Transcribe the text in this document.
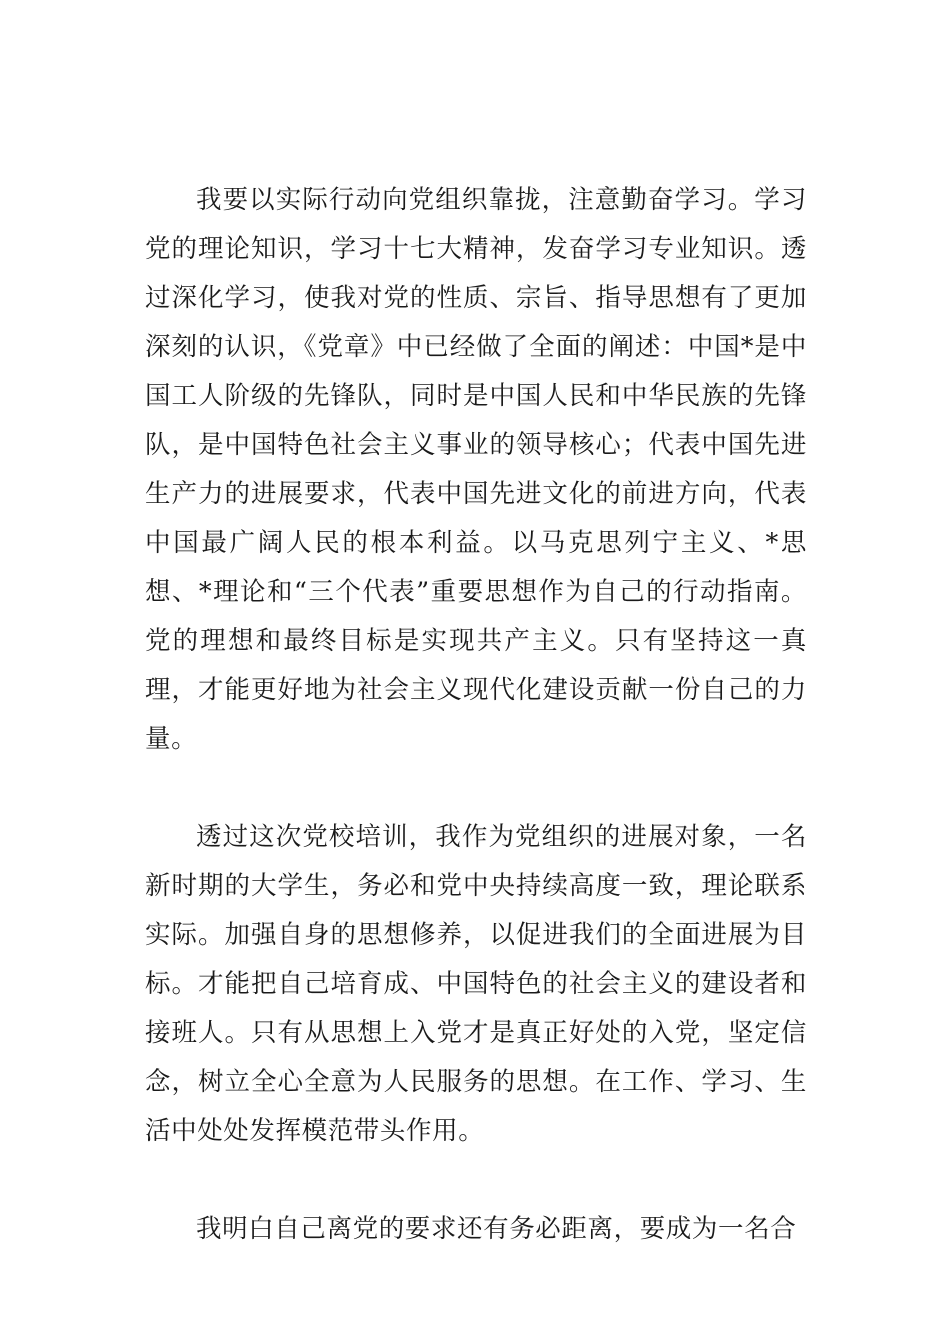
我要以实际行动向党组织靠拢，注意勤奋学习。学习党的理论知识，学习十七大精神，发奋学习专业知识。透过深化学习，使我对党的性质、宗旨、指导思想有了更加深刻的认识，《党章》中已经做了全面的阐述：中国*是中国工人阶级的先锋队，同时是中国人民和中华民族的先锋队，是中国特色社会主义事业的领导核心；代表中国先进生产力的进展要求，代表中国先进文化的前进方向，代表中国最广阔人民的根本利益。以马克思列宁主义、*思想、*理论和“三个代表”重要思想作为自己的行动指南。党的理想和最终目标是实现共产主义。只有坚持这一真理，才能更好地为社会主义现代化建设贡献一份自己的力量。

透过这次党校培训，我作为党组织的进展对象，一名新时期的大学生，务必和党中央持续高度一致，理论联系实际。加强自身的思想修养，以促进我们的全面进展为目标。才能把自己培育成、中国特色的社会主义的建设者和接班人。只有从思想上入党才是真正好处的入党，坚定信念，树立全心全意为人民服务的思想。在工作、学习、生活中处处发挥模范带头作用。

我明白自己离党的要求还有务必距离，要成为一名合
